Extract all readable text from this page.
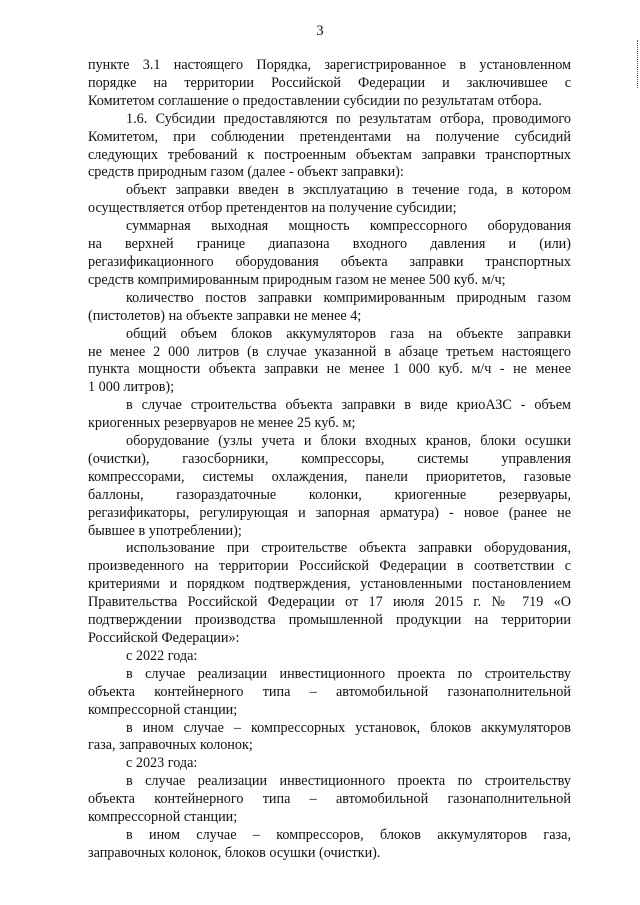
3
пункте 3.1 настоящего Порядка, зарегистрированное в установленном
порядке на территории Российской Федерации и заключившее с
Комитетом соглашение о предоставлении субсидии по результатам отбора.
1.6. Субсидии предоставляются по результатам отбора, проводимого
Комитетом, при соблюдении претендентами на получение субсидий
следующих требований к построенным объектам заправки транспортных
средств природным газом (далее - объект заправки):
объект заправки введен в эксплуатацию в течение года, в котором
осуществляется отбор претендентов на получение субсидии;
суммарная выходная мощность компрессорного оборудования
на верхней границе диапазона входного давления и (или)
регазификационного оборудования объекта заправки транспортных
средств компримированным природным газом не менее 500 куб. м/ч;
количество постов заправки компримированным природным газом
(пистолетов) на объекте заправки не менее 4;
общий объем блоков аккумуляторов газа на объекте заправки
не менее 2 000 литров (в случае указанной в абзаце третьем настоящего
пункта мощности объекта заправки не менее 1 000 куб. м/ч - не менее
1 000 литров);
в случае строительства объекта заправки в виде криоАЗС - объем
криогенных резервуаров не менее 25 куб. м;
оборудование (узлы учета и блоки входных кранов, блоки осушки
(очистки), газосборники, компрессоры, системы управления
компрессорами, системы охлаждения, панели приоритетов, газовые
баллоны, газораздаточные колонки, криогенные резервуары,
регазификаторы, регулирующая и запорная арматура) - новое (ранее не
бывшее в употреблении);
использование при строительстве объекта заправки оборудования,
произведенного на территории Российской Федерации в соответствии с
критериями и порядком подтверждения, установленными постановлением
Правительства Российской Федерации от 17 июля 2015 г. № 719 «О
подтверждении производства промышленной продукции на территории
Российской Федерации»:
с 2022 года:
в случае реализации инвестиционного проекта по строительству
объекта контейнерного типа – автомобильной газонаполнительной
компрессорной станции;
в ином случае – компрессорных установок, блоков аккумуляторов
газа, заправочных колонок;
с 2023 года:
в случае реализации инвестиционного проекта по строительству
объекта контейнерного типа – автомобильной газонаполнительной
компрессорной станции;
в ином случае – компрессоров, блоков аккумуляторов газа,
заправочных колонок, блоков осушки (очистки).
